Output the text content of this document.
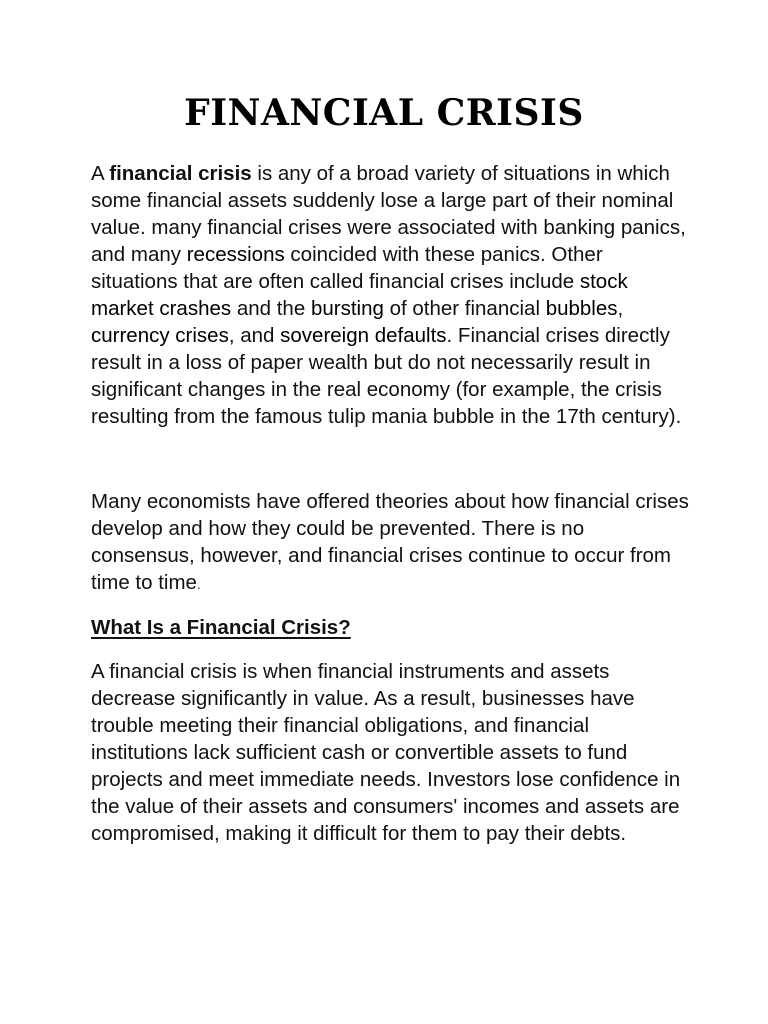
FINANCIAL CRISIS

A financial crisis is any of a broad variety of situations in which some financial assets suddenly lose a large part of their nominal value. many financial crises were associated with banking panics, and many recessions coincided with these panics. Other situations that are often called financial crises include stock market crashes and the bursting of other financial bubbles, currency crises, and sovereign defaults. Financial crises directly result in a loss of paper wealth but do not necessarily result in significant changes in the real economy (for example, the crisis resulting from the famous tulip mania bubble in the 17th century).

Many economists have offered theories about how financial crises develop and how they could be prevented. There is no consensus, however, and financial crises continue to occur from time to time.

What Is a Financial Crisis?

A financial crisis is when financial instruments and assets decrease significantly in value. As a result, businesses have trouble meeting their financial obligations, and financial institutions lack sufficient cash or convertible assets to fund projects and meet immediate needs. Investors lose confidence in the value of their assets and consumers' incomes and assets are compromised, making it difficult for them to pay their debts.
